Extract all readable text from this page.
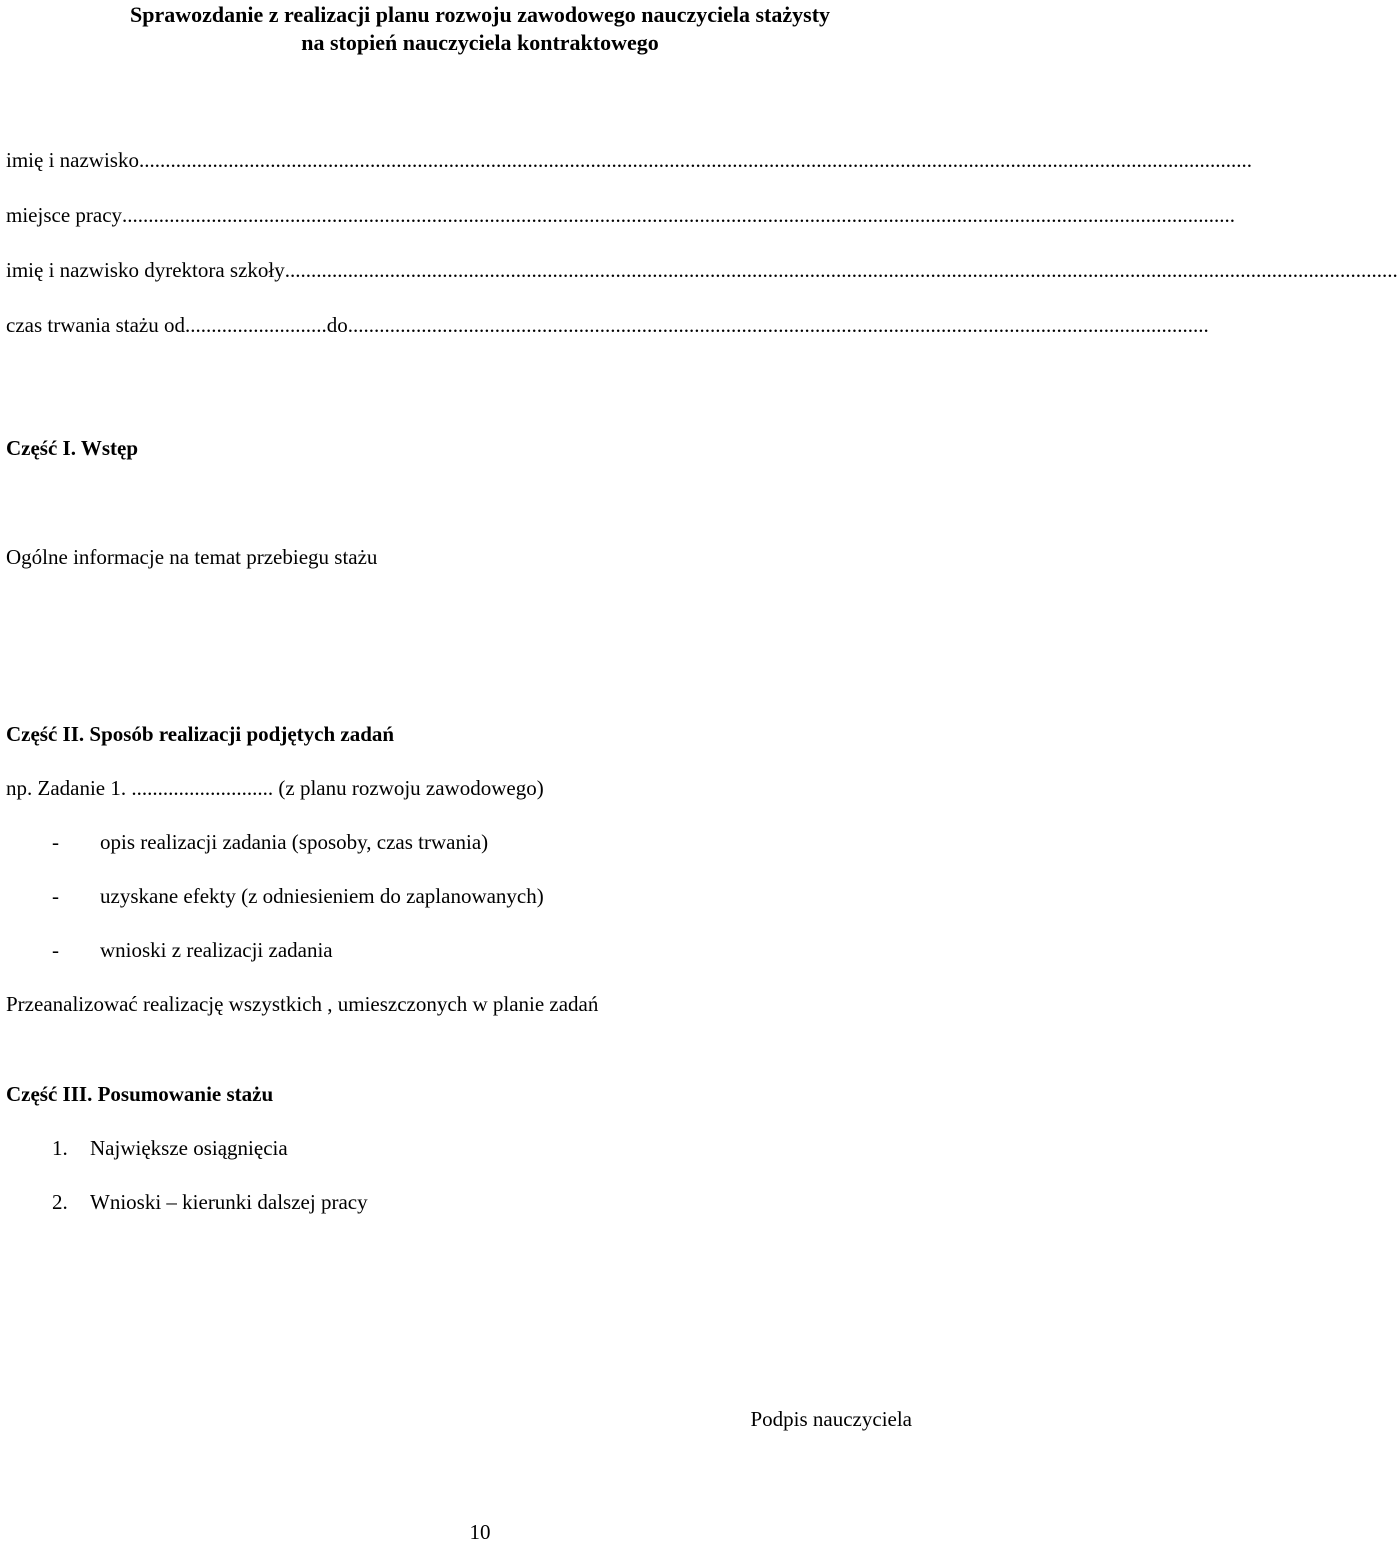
Sprawozdanie z realizacji planu rozwoju zawodowego nauczyciela stażysty
na stopień nauczyciela kontraktowego
imię i nazwisko ....................................................................................................................................................................................................................
miejsce pracy ....................................................................................................................................................................................................................
imię i nazwisko dyrektora szkoły ....................................................................................................................................................................................................................
czas trwania stażu od ........................... do ....................................................................................................................................................................
Część I. Wstęp
Ogólne informacje na temat przebiegu stażu
Część II. Sposób realizacji podjętych zadań
np. Zadanie 1. ........................... (z planu rozwoju zawodowego)
- opis realizacji zadania (sposoby, czas trwania)
- uzyskane efekty (z odniesieniem do zaplanowanych)
- wnioski z realizacji zadania
Przeanalizować realizację wszystkich , umieszczonych w planie zadań
Część III. Posumowanie stażu
1. Największe osiągnięcia
2. Wnioski – kierunki dalszej pracy
Podpis nauczyciela
10
